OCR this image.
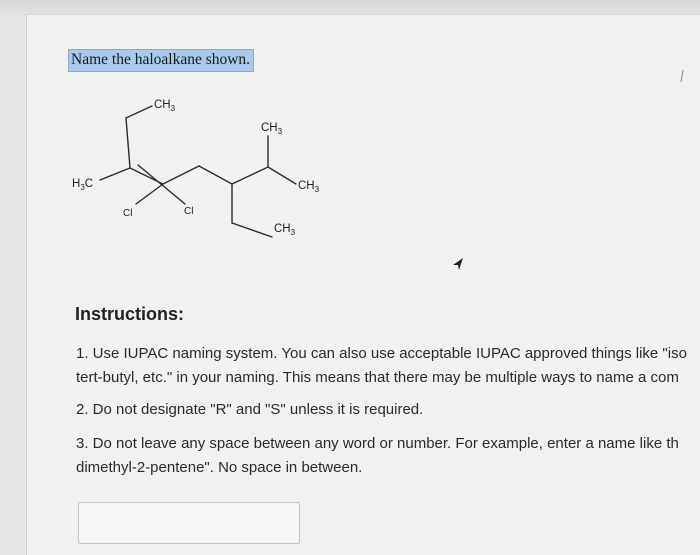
Name the haloalkane shown.
$H_3C$
$CH_3$
$CH_3$
$CH_3$
$CH_3$
Cl	Cl
Instructions:
1. Use IUPAC naming system. You can also use acceptable IUPAC approved things like "iso
tert-butyl, etc." in your naming. This means that there may be multiple ways to name a com
2. Do not designate "R" and "S" unless it is required.
3. Do not leave any space between any word or number. For example, enter a name like th
dimethyl-2-pentene". No space in between.
